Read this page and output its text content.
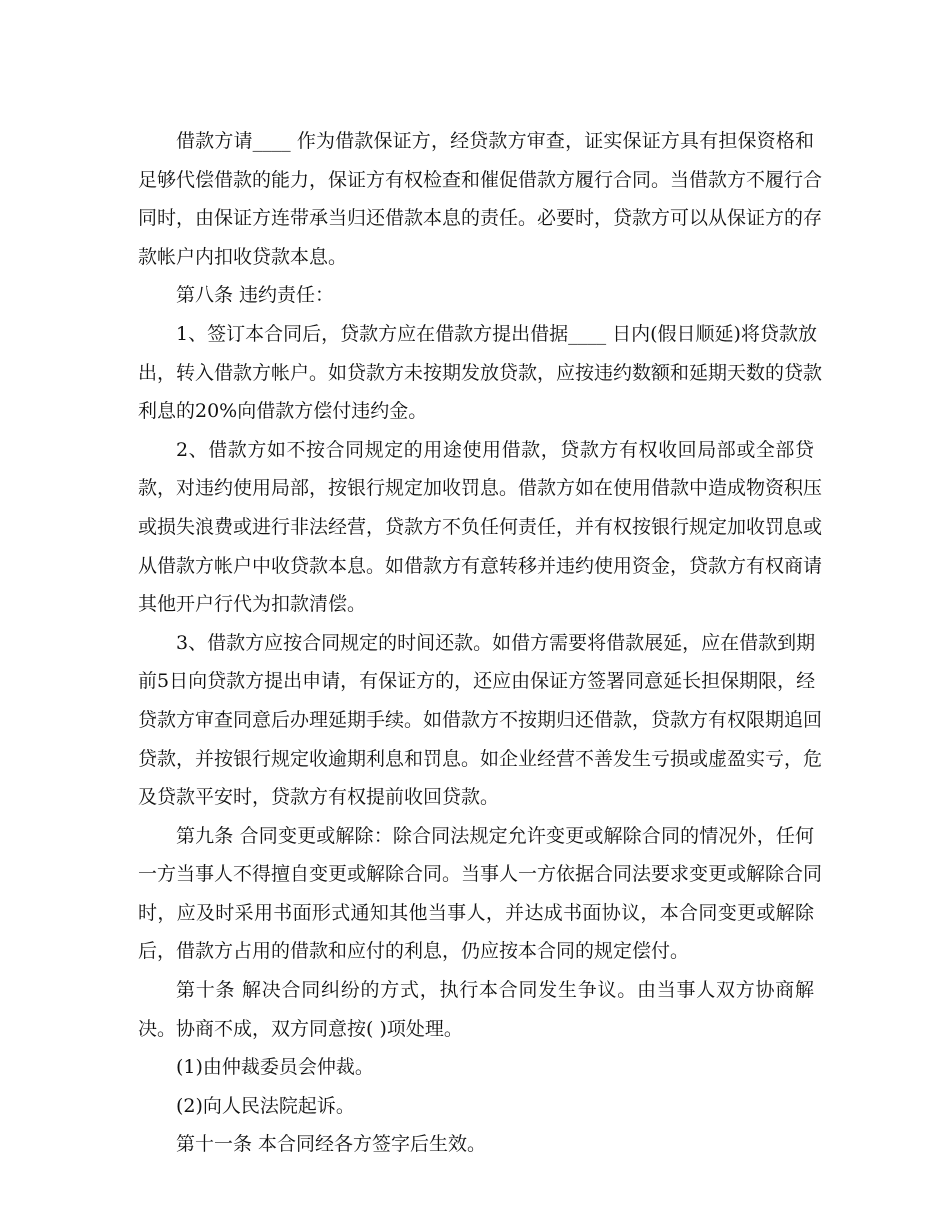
借款方请____ 作为借款保证方，经贷款方审查，证实保证方具有担保资格和
足够代偿借款的能力，保证方有权检查和催促借款方履行合同。当借款方不履行合
同时，由保证方连带承当归还借款本息的责任。必要时，贷款方可以从保证方的存
款帐户内扣收贷款本息。
第八条 违约责任：
1、签订本合同后，贷款方应在借款方提出借据____ 日内(假日顺延)将贷款放
出，转入借款方帐户。如贷款方未按期发放贷款，应按违约数额和延期天数的贷款
利息的20%向借款方偿付违约金。
2、借款方如不按合同规定的用途使用借款，贷款方有权收回局部或全部贷
款，对违约使用局部，按银行规定加收罚息。借款方如在使用借款中造成物资积压
或损失浪费或进行非法经营，贷款方不负任何责任，并有权按银行规定加收罚息或
从借款方帐户中收贷款本息。如借款方有意转移并违约使用资金，贷款方有权商请
其他开户行代为扣款清偿。
3、借款方应按合同规定的时间还款。如借方需要将借款展延，应在借款到期
前5日向贷款方提出申请，有保证方的，还应由保证方签署同意延长担保期限，经
贷款方审查同意后办理延期手续。如借款方不按期归还借款，贷款方有权限期追回
贷款，并按银行规定收逾期利息和罚息。如企业经营不善发生亏损或虚盈实亏，危
及贷款平安时，贷款方有权提前收回贷款。
第九条 合同变更或解除：除合同法规定允许变更或解除合同的情况外，任何
一方当事人不得擅自变更或解除合同。当事人一方依据合同法要求变更或解除合同
时，应及时采用书面形式通知其他当事人，并达成书面协议，本合同变更或解除
后，借款方占用的借款和应付的利息，仍应按本合同的规定偿付。
第十条 解决合同纠纷的方式，执行本合同发生争议。由当事人双方协商解
决。协商不成，双方同意按( )项处理。
(1)由仲裁委员会仲裁。
(2)向人民法院起诉。
第十一条 本合同经各方签字后生效。
